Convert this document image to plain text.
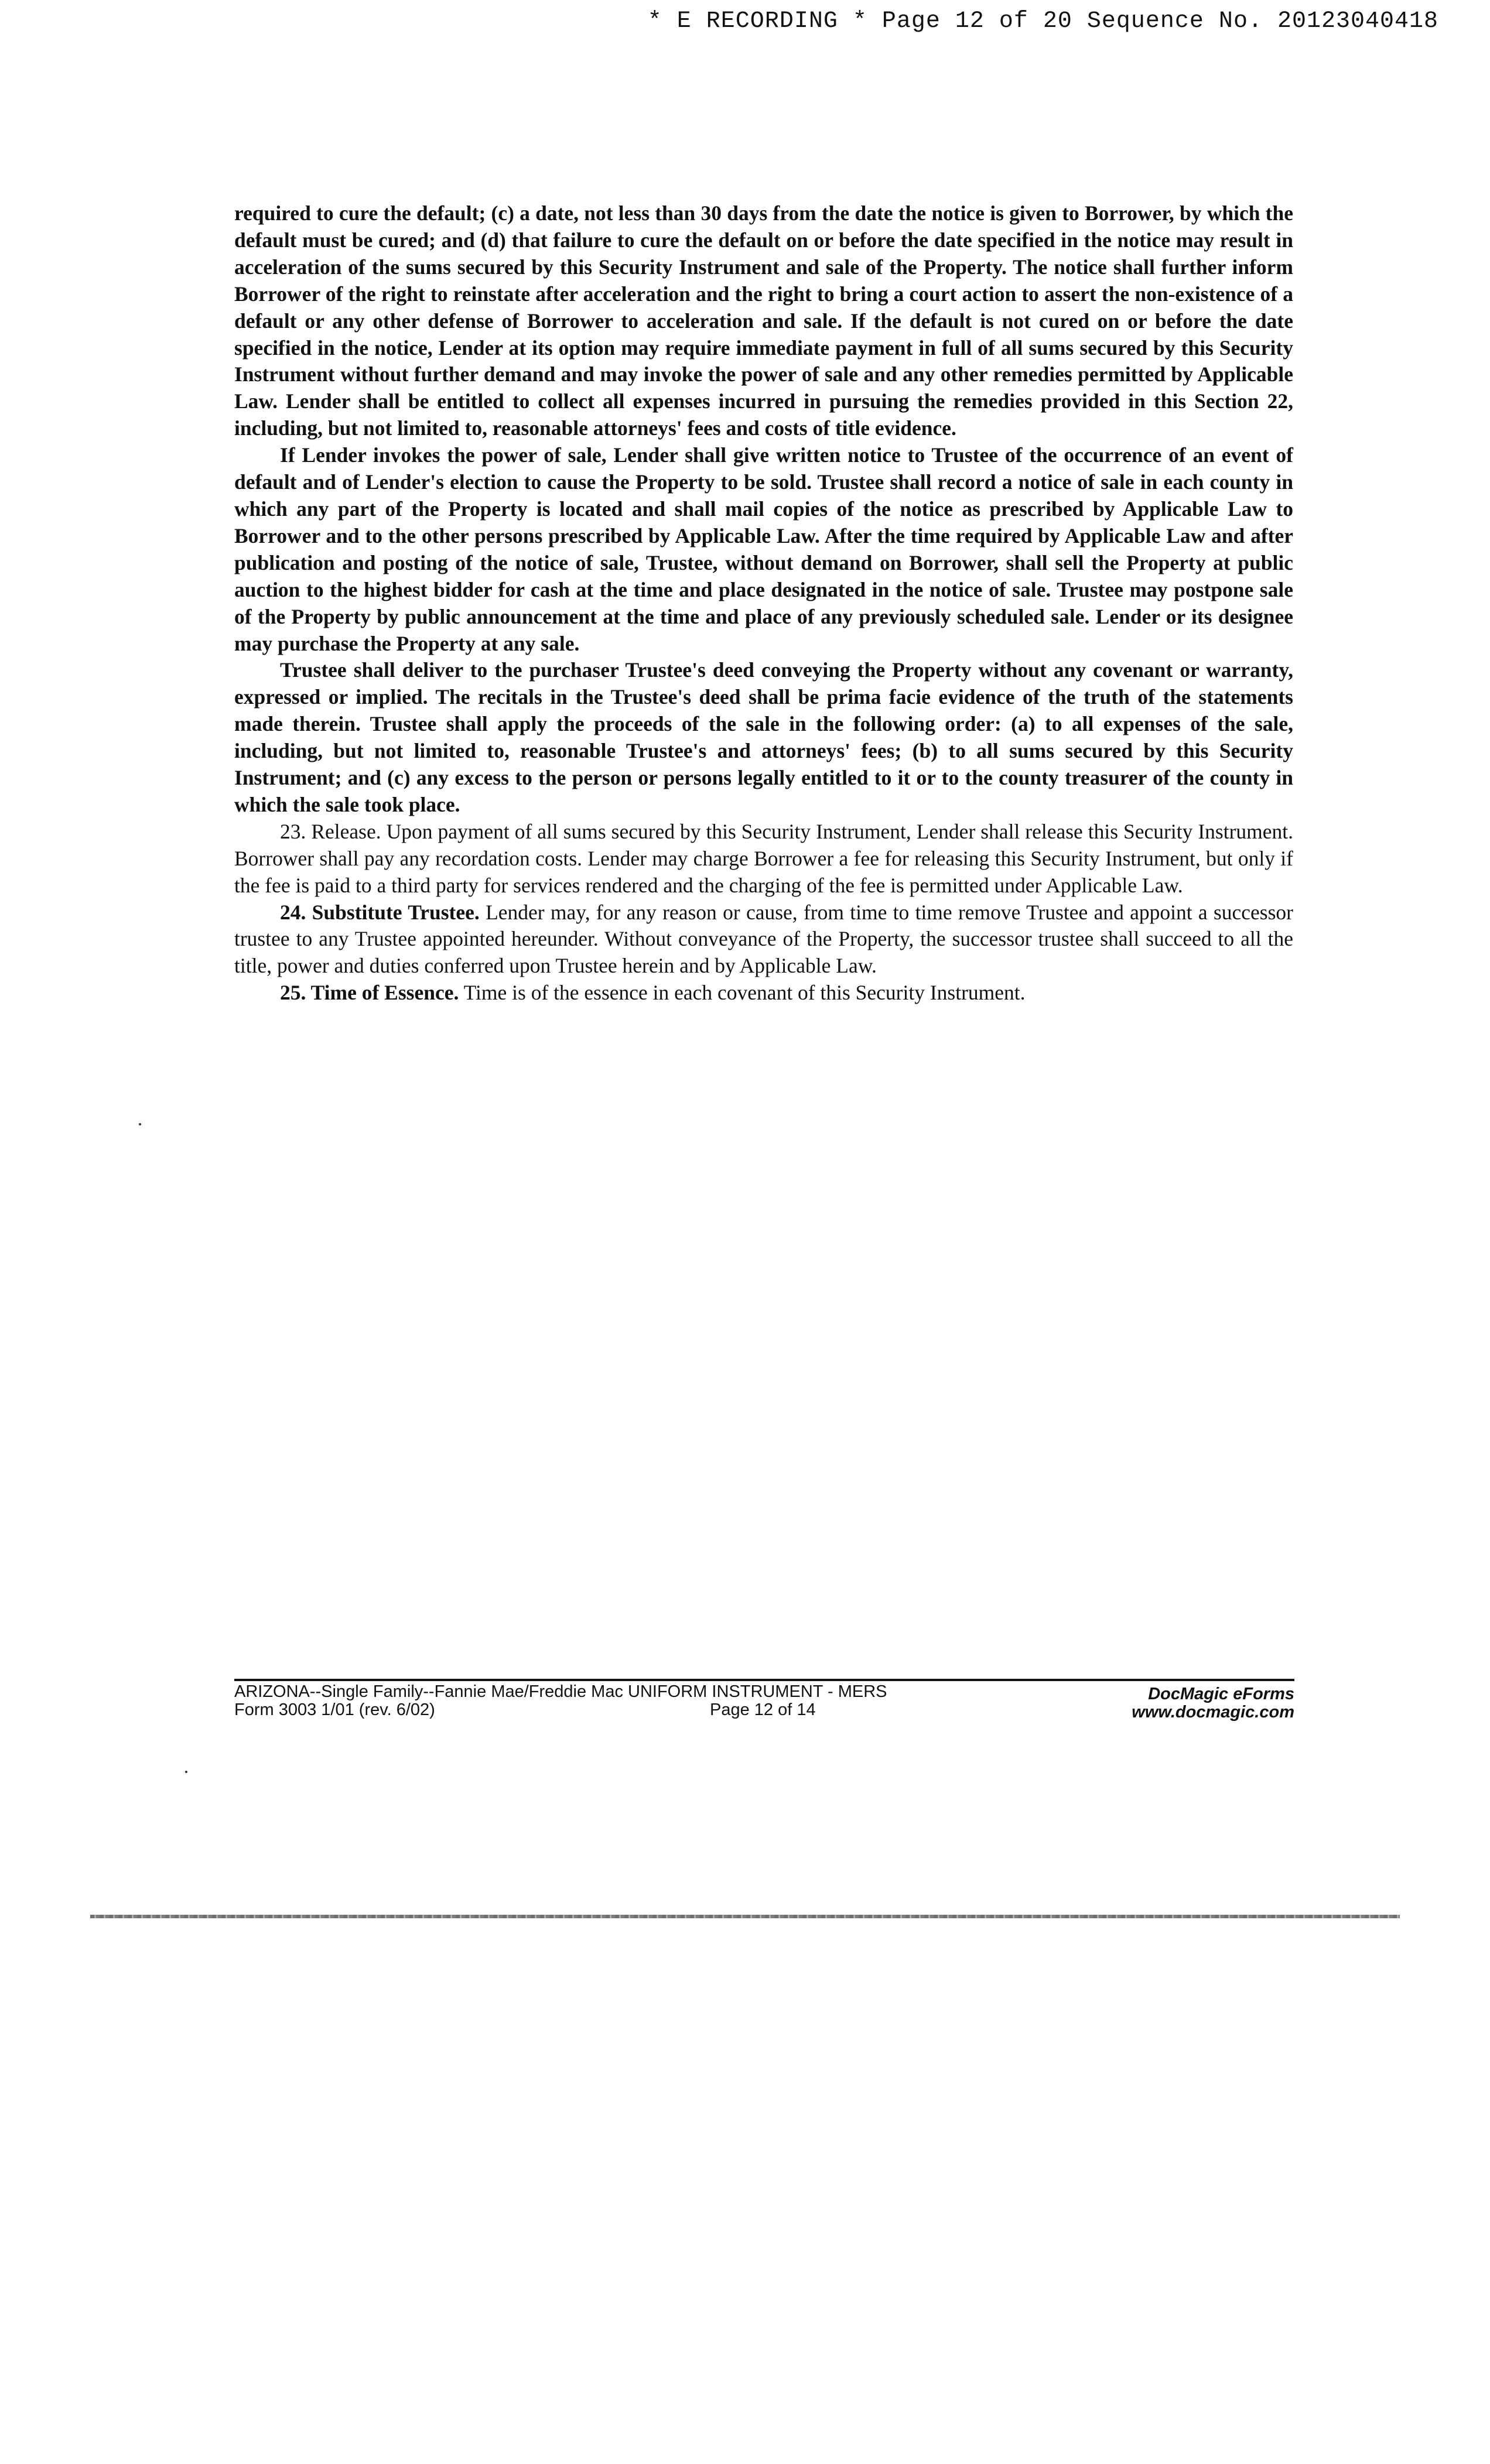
* E RECORDING * Page 12 of 20 Sequence No. 20123040418

required to cure the default; (c) a date, not less than 30 days from the date the notice is given to Borrower, by which the default must be cured; and (d) that failure to cure the default on or before the date specified in the notice may result in acceleration of the sums secured by this Security Instrument and sale of the Property. The notice shall further inform Borrower of the right to reinstate after acceleration and the right to bring a court action to assert the non-existence of a default or any other defense of Borrower to acceleration and sale. If the default is not cured on or before the date specified in the notice, Lender at its option may require immediate payment in full of all sums secured by this Security Instrument without further demand and may invoke the power of sale and any other remedies permitted by Applicable Law. Lender shall be entitled to collect all expenses incurred in pursuing the remedies provided in this Section 22, including, but not limited to, reasonable attorneys' fees and costs of title evidence.

If Lender invokes the power of sale, Lender shall give written notice to Trustee of the occurrence of an event of default and of Lender's election to cause the Property to be sold. Trustee shall record a notice of sale in each county in which any part of the Property is located and shall mail copies of the notice as prescribed by Applicable Law to Borrower and to the other persons prescribed by Applicable Law. After the time required by Applicable Law and after publication and posting of the notice of sale, Trustee, without demand on Borrower, shall sell the Property at public auction to the highest bidder for cash at the time and place designated in the notice of sale. Trustee may postpone sale of the Property by public announcement at the time and place of any previously scheduled sale. Lender or its designee may purchase the Property at any sale.

Trustee shall deliver to the purchaser Trustee's deed conveying the Property without any covenant or warranty, expressed or implied. The recitals in the Trustee's deed shall be prima facie evidence of the truth of the statements made therein. Trustee shall apply the proceeds of the sale in the following order: (a) to all expenses of the sale, including, but not limited to, reasonable Trustee's and attorneys' fees; (b) to all sums secured by this Security Instrument; and (c) any excess to the person or persons legally entitled to it or to the county treasurer of the county in which the sale took place.

23. Release. Upon payment of all sums secured by this Security Instrument, Lender shall release this Security Instrument. Borrower shall pay any recordation costs. Lender may charge Borrower a fee for releasing this Security Instrument, but only if the fee is paid to a third party for services rendered and the charging of the fee is permitted under Applicable Law.

24. Substitute Trustee. Lender may, for any reason or cause, from time to time remove Trustee and appoint a successor trustee to any Trustee appointed hereunder. Without conveyance of the Property, the successor trustee shall succeed to all the title, power and duties conferred upon Trustee herein and by Applicable Law.

25. Time of Essence. Time is of the essence in each covenant of this Security Instrument.

ARIZONA--Single Family--Fannie Mae/Freddie Mac UNIFORM INSTRUMENT - MERS
Form 3003 1/01 (rev. 6/02)	Page 12 of 14
DocMagic eForms
www.docmagic.com
